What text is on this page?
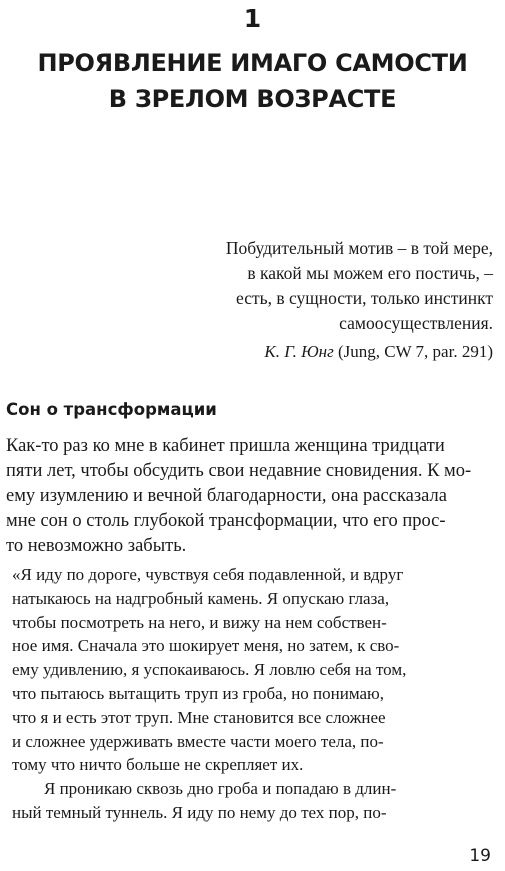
1
ПРОЯВЛЕНИЕ ИМАГО САМОСТИ
В ЗРЕЛОМ ВОЗРАСТЕ
Побудительный мотив – в той мере,
в какой мы можем его постичь, –
есть, в сущности, только инстинкт
самоосуществления.
К. Г. Юнг (Jung, CW 7, par. 291)
Сон о трансформации
Как-то раз ко мне в кабинет пришла женщина тридцати
пяти лет, чтобы обсудить свои недавние сновидения. К мо-
ему изумлению и вечной благодарности, она рассказала
мне сон о столь глубокой трансформации, что его прос-
то невозможно забыть.
«Я иду по дороге, чувствуя себя подавленной, и вдруг
натыкаюсь на надгробный камень. Я опускаю глаза,
чтобы посмотреть на него, и вижу на нем собствен-
ное имя. Сначала это шокирует меня, но затем, к сво-
ему удивлению, я успокаиваюсь. Я ловлю себя на том,
что пытаюсь вытащить труп из гроба, но понимаю,
что я и есть этот труп. Мне становится все сложнее
и сложнее удерживать вместе части моего тела, по-
тому что ничто больше не скрепляет их.
Я проникаю сквозь дно гроба и попадаю в длин-
ный темный туннель. Я иду по нему до тех пор, по-
19
